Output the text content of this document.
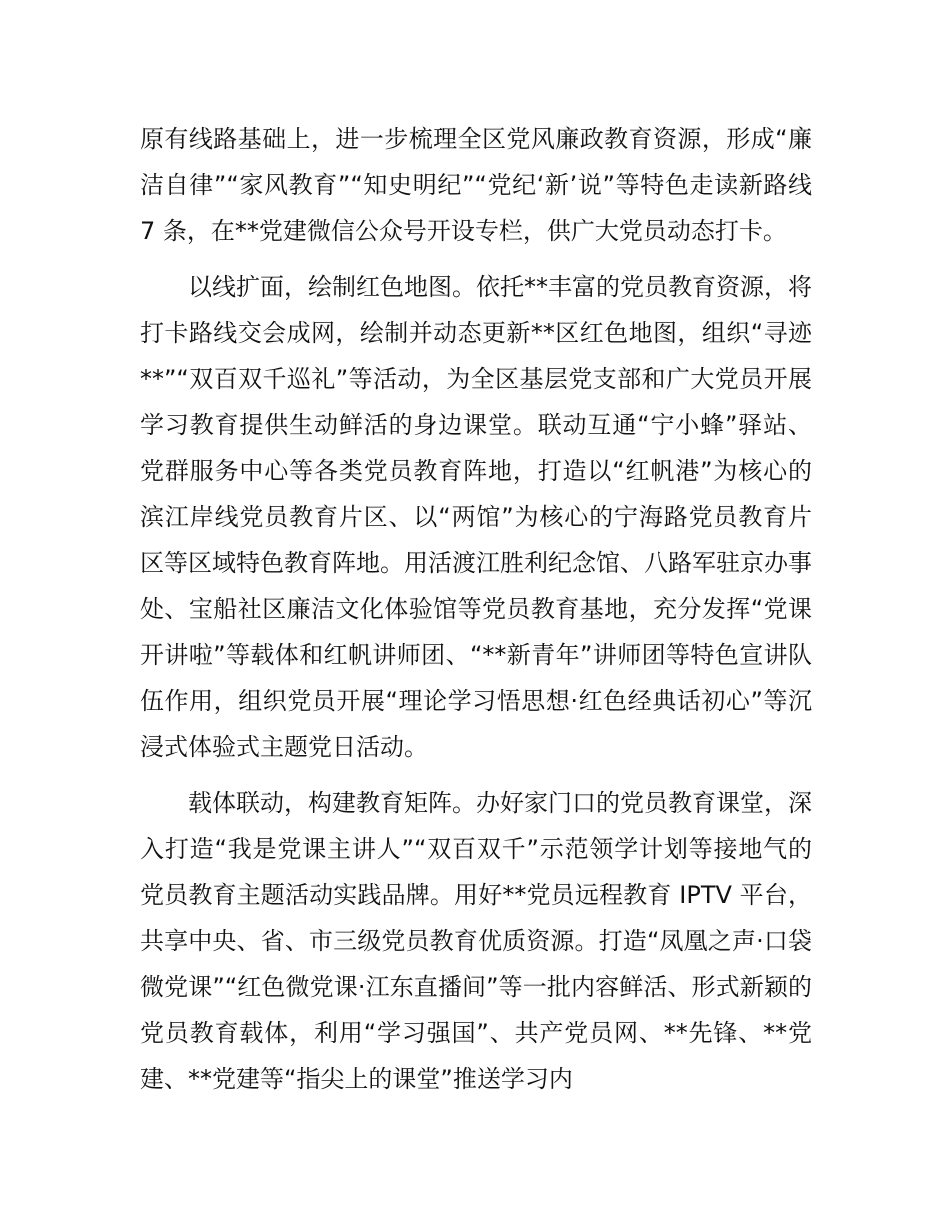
原有线路基础上，进一步梳理全区党风廉政教育资源，形成“廉洁自律”“家风教育”“知史明纪”“党纪‘新’说”等特色走读新路线 7 条，在**党建微信公众号开设专栏，供广大党员动态打卡。

以线扩面，绘制红色地图。依托**丰富的党员教育资源，将打卡路线交会成网，绘制并动态更新**区红色地图，组织“寻迹**”“双百双千巡礼”等活动，为全区基层党支部和广大党员开展学习教育提供生动鲜活的身边课堂。联动互通“宁小蜂”驿站、党群服务中心等各类党员教育阵地，打造以“红帆港”为核心的滨江岸线党员教育片区、以“两馆”为核心的宁海路党员教育片区等区域特色教育阵地。用活渡江胜利纪念馆、八路军驻京办事处、宝船社区廉洁文化体验馆等党员教育基地，充分发挥“党课开讲啦”等载体和红帆讲师团、“**新青年”讲师团等特色宣讲队伍作用，组织党员开展“理论学习悟思想·红色经典话初心”等沉浸式体验式主题党日活动。

载体联动，构建教育矩阵。办好家门口的党员教育课堂，深入打造“我是党课主讲人”“双百双千”示范领学计划等接地气的党员教育主题活动实践品牌。用好**党员远程教育 IPTV 平台，共享中央、省、市三级党员教育优质资源。打造“凤凰之声·口袋微党课”“红色微党课·江东直播间”等一批内容鲜活、形式新颖的党员教育载体，利用“学习强国”、共产党员网、**先锋、**党建、**党建等“指尖上的课堂”推送学习内
